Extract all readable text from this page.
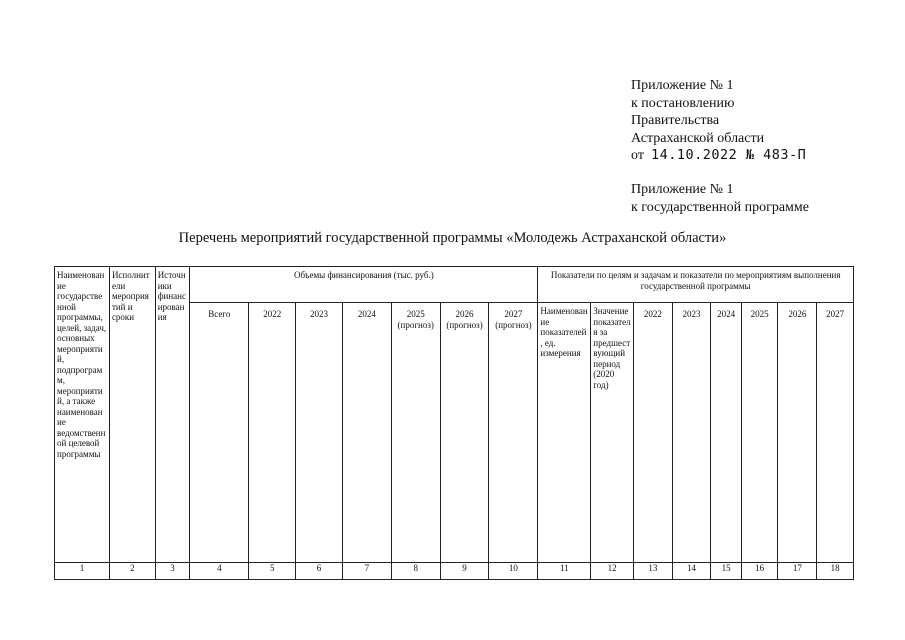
Приложение № 1
к постановлению
Правительства
Астраханской области
от 14.10.2022 № 483-П
Приложение № 1
к государственной программе
Перечень мероприятий государственной программы «Молодежь Астраханской области»
Наименование государственной программы, целей, задач, основных мероприятий, подпрограмм, мероприятий, а также наименование ведомственной целевой программы	Исполнители мероприятий и сроки	Источники финансирования	Объемы финансирования (тыс. руб.)							Показатели по целям и задачам и показатели по мероприятиям выполнения государственной программы							
			Всего	2022	2023	2024	2025 (прогноз)	2026 (прогноз)	2027 (прогноз)	Наименование показателей, ед. измерения	Значение показателя за предшествующий период (2020 год)	2022	2023	2024	2025	2026	2027
1	2	3	4	5	6	7	8	9	10	11	12	13	14	15	16	17	18
